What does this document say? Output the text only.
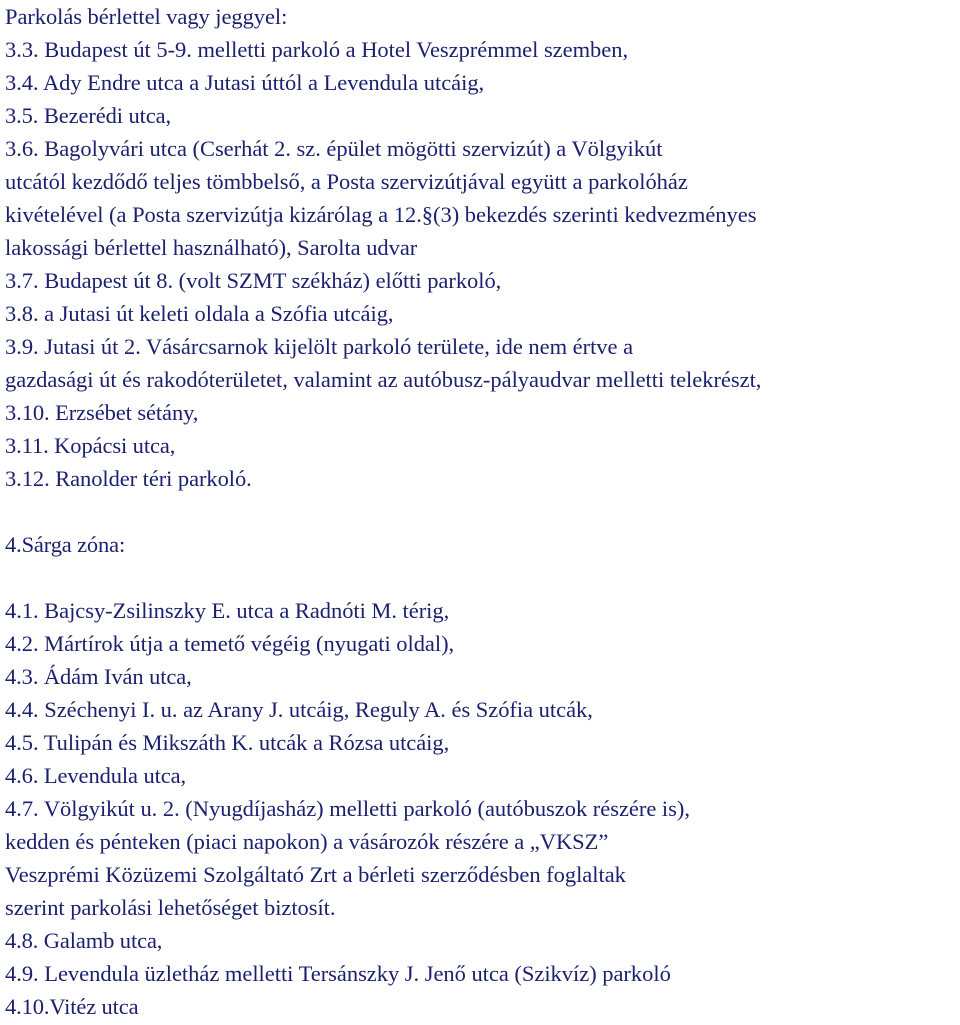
Parkolás bérlettel vagy jeggyel:
3.3. Budapest út 5-9. melletti parkoló a Hotel Veszprémmel szemben,
3.4. Ady Endre utca a Jutasi úttól a Levendula utcáig,
3.5. Bezerédi utca,
3.6. Bagolyvári utca (Cserhát 2. sz. épület mögötti szervizút) a Völgyikút
utcától kezdődő teljes tömbbelső, a Posta szervizútjával együtt a parkolóház
kivételével (a Posta szervizútja kizárólag a 12.§(3) bekezdés szerinti kedvezményes
lakossági bérlettel használható), Sarolta udvar
3.7. Budapest út 8. (volt SZMT székház) előtti parkoló,
3.8. a Jutasi út keleti oldala a Szófia utcáig,
3.9. Jutasi út 2. Vásárcsarnok kijelölt parkoló területe, ide nem értve a
gazdasági út és rakodóterületet, valamint az autóbusz-pályaudvar melletti telekrészt,
3.10. Erzsébet sétány,
3.11. Kopácsi utca,
3.12. Ranolder téri parkoló.
4.Sárga zóna:
4.1. Bajcsy-Zsilinszky E. utca a Radnóti M. térig,
4.2. Mártírok útja a temető végéig (nyugati oldal),
4.3. Ádám Iván utca,
4.4. Széchenyi I. u. az Arany J. utcáig, Reguly A. és Szófia utcák,
4.5. Tulipán és Mikszáth K. utcák a Rózsa utcáig,
4.6. Levendula utca,
4.7. Völgyikút u. 2. (Nyugdíjasház) melletti parkoló (autóbuszok részére is),
kedden és pénteken (piaci napokon) a vásározók részére a „VKSZ”
Veszprémi Közüzemi Szolgáltató Zrt a bérleti szerződésben foglaltak
szerint parkolási lehetőséget biztosít.
4.8. Galamb utca,
4.9. Levendula üzletház melletti Tersánszky J. Jenő utca (Szikvíz) parkoló
4.10.Vitéz utca
